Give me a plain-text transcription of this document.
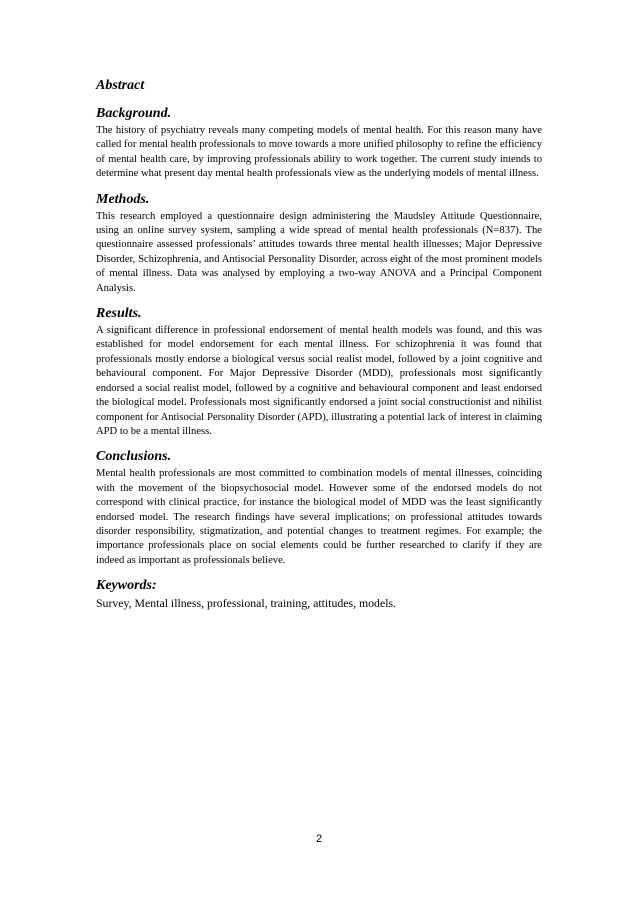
Abstract
Background.

The history of psychiatry reveals many competing models of mental health. For this reason many have called for mental health professionals to move towards a more unified philosophy to refine the efficiency of mental health care, by improving professionals ability to work together. The current study intends to determine what present day mental health professionals view as the underlying models of mental illness.

Methods.

This research employed a questionnaire design administering the Maudsley Attitude Questionnaire, using an online survey system, sampling a wide spread of mental health professionals (N=837). The questionnaire assessed professionals’ attitudes towards three mental health illnesses; Major Depressive Disorder, Schizophrenia, and Antisocial Personality Disorder, across eight of the most prominent models of mental illness. Data was analysed by employing a two-way ANOVA and a Principal Component Analysis.

Results.

A significant difference in professional endorsement of mental health models was found, and this was established for model endorsement for each mental illness. For schizophrenia it was found that professionals mostly endorse a biological versus social realist model, followed by a joint cognitive and behavioural component. For Major Depressive Disorder (MDD), professionals most significantly endorsed a social realist model, followed by a cognitive and behavioural component and least endorsed the biological model. Professionals most significantly endorsed a joint social constructionist and nihilist component for Antisocial Personality Disorder (APD), illustrating a potential lack of interest in claiming APD to be a mental illness.

Conclusions.

Mental health professionals are most committed to combination models of mental illnesses, coinciding with the movement of the biopsychosocial model. However some of the endorsed models do not correspond with clinical practice, for instance the biological model of MDD was the least significantly endorsed model. The research findings have several implications; on professional attitudes towards disorder responsibility, stigmatization, and potential changes to treatment regimes. For example; the importance professionals place on social elements could be further researched to clarify if they are indeed as important as professionals believe.

Keywords:

Survey, Mental illness, professional, training, attitudes, models.

2
